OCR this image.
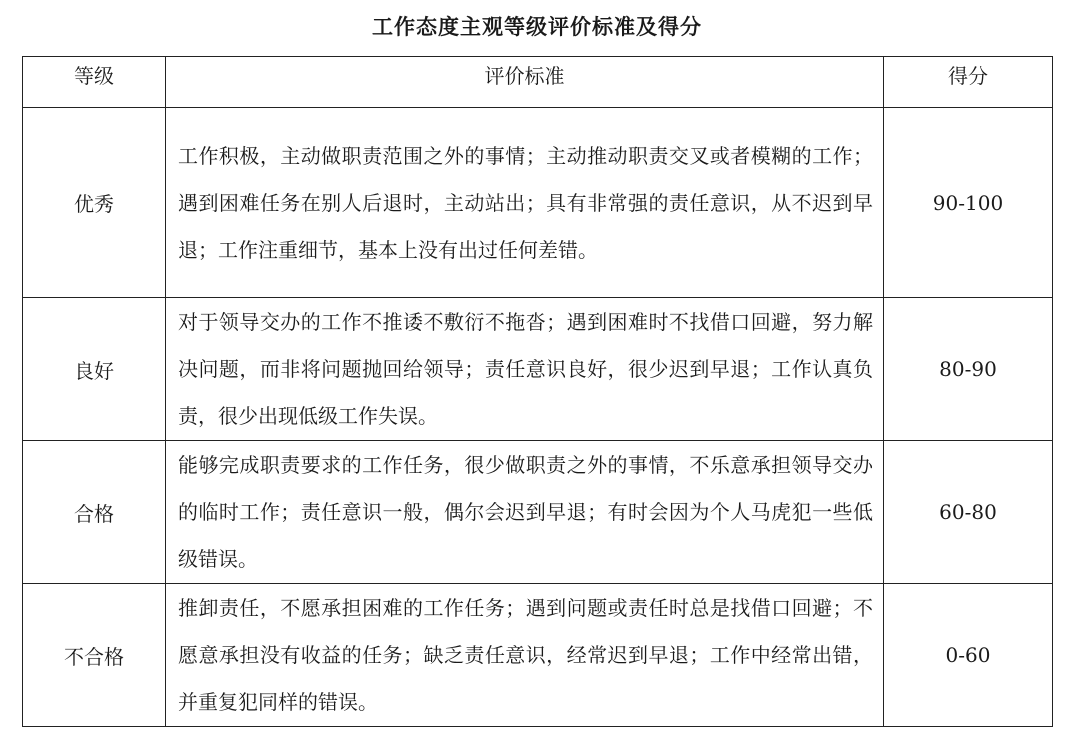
工作态度主观等级评价标准及得分
等级	评价标准	得分
优秀	工作积极，主动做职责范围之外的事情；主动推动职责交叉或者模糊的工作；遇到困难任务在别人后退时，主动站出；具有非常强的责任意识，从不迟到早退；工作注重细节，基本上没有出过任何差错。	90-100
良好	对于领导交办的工作不推诿不敷衍不拖沓；遇到困难时不找借口回避，努力解决问题，而非将问题抛回给领导；责任意识良好，很少迟到早退；工作认真负责，很少出现低级工作失误。	80-90
合格	能够完成职责要求的工作任务，很少做职责之外的事情，不乐意承担领导交办的临时工作；责任意识一般，偶尔会迟到早退；有时会因为个人马虎犯一些低级错误。	60-80
不合格	推卸责任，不愿承担困难的工作任务；遇到问题或责任时总是找借口回避；不愿意承担没有收益的任务；缺乏责任意识，经常迟到早退；工作中经常出错，并重复犯同样的错误。	0-60
